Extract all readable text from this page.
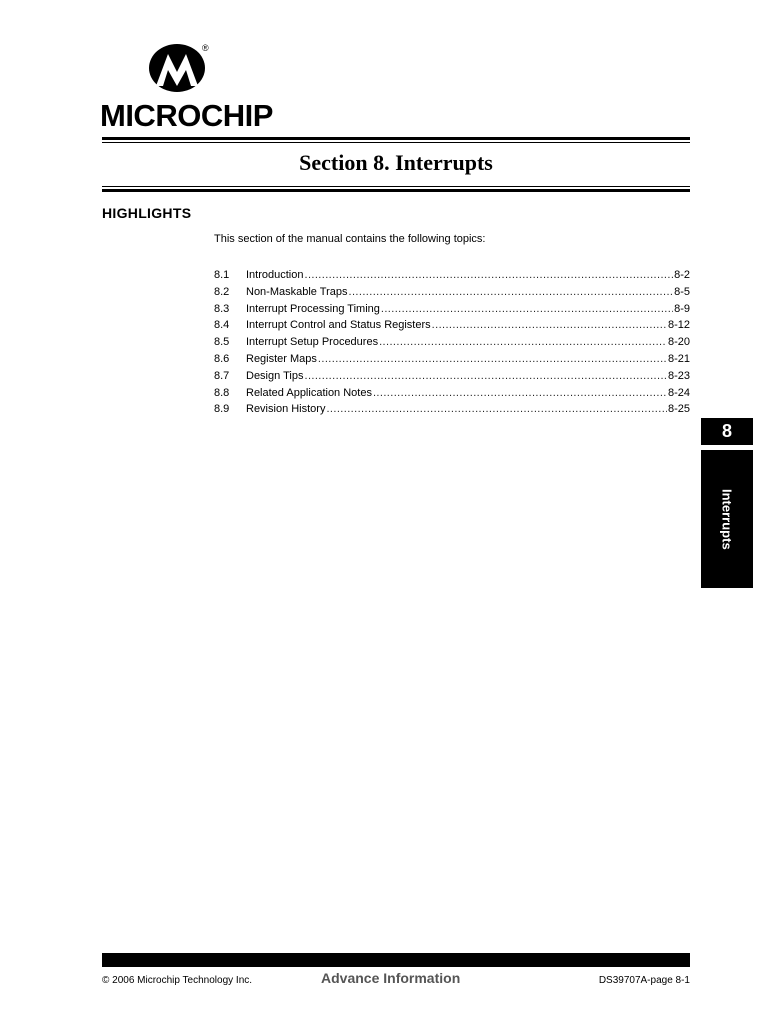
®
MICROCHIP
Section 8. Interrupts
HIGHLIGHTS
This section of the manual contains the following topics:
8.1	Introduction .....	8-2
8.2	Non-Maskable Traps .....	8-5
8.3	Interrupt Processing Timing .....	8-9
8.4	Interrupt Control and Status Registers .....	8-12
8.5	Interrupt Setup Procedures .....	8-20
8.6	Register Maps .....	8-21
8.7	Design Tips .....	8-23
8.8	Related Application Notes .....	8-24
8.9	Revision History .....	8-25
8
Interrupts
© 2006 Microchip Technology Inc.	Advance Information	DS39707A-page 8-1
